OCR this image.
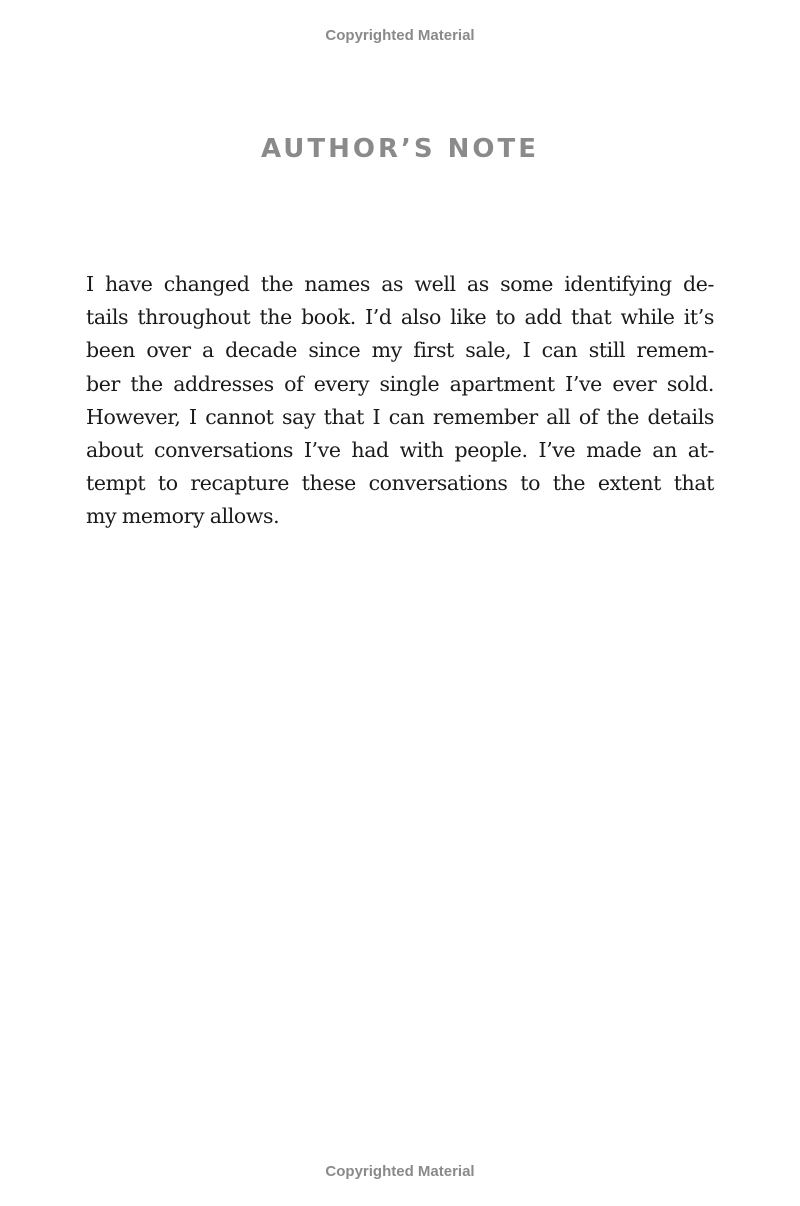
Copyrighted Material
AUTHOR’S NOTE
I have changed the names as well as some identifying de-
tails throughout the book. I’d also like to add that while it’s
been over a decade since my first sale, I can still remem-
ber the addresses of every single apartment I’ve ever sold.
However, I cannot say that I can remember all of the details
about conversations I’ve had with people. I’ve made an at-
tempt to recapture these conversations to the extent that
my memory allows.
Copyrighted Material
